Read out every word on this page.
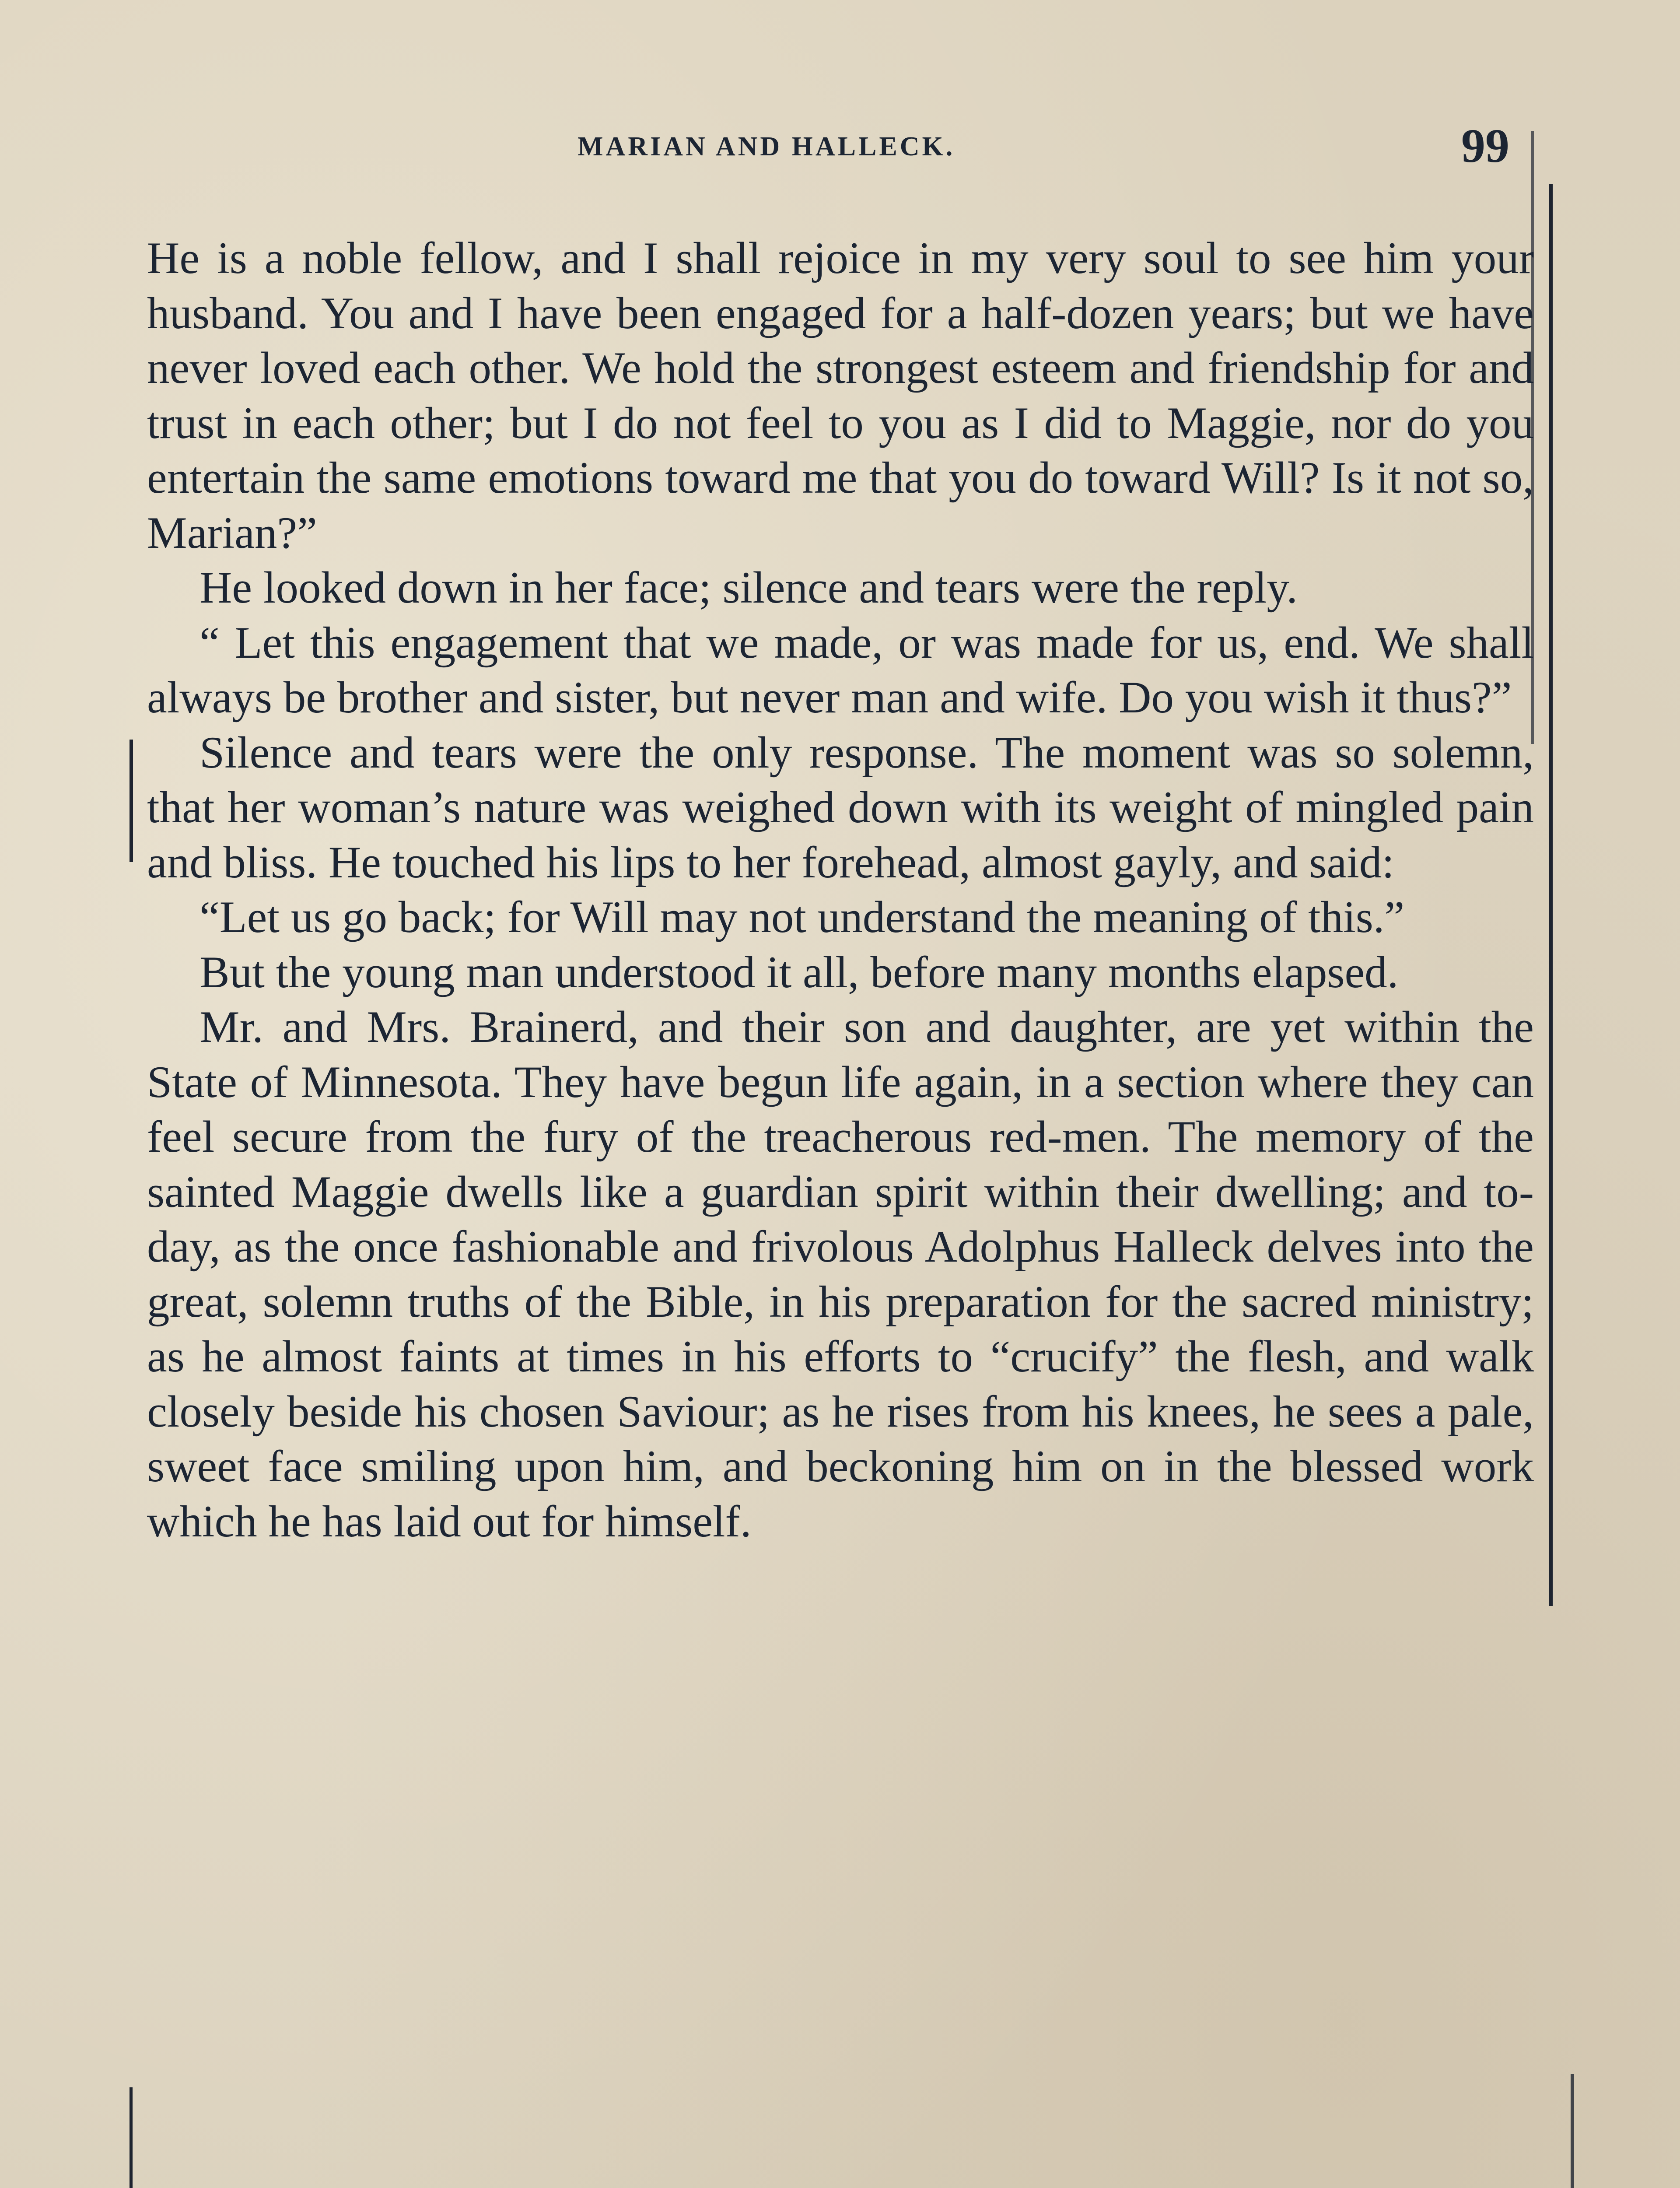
MARIAN AND HALLECK.	99

He is a noble fellow, and I shall rejoice in my very soul to see him your husband. You and I have been engaged for a half-dozen years; but we have never loved each other. We hold the strongest esteem and friendship for and trust in each other; but I do not feel to you as I did to Maggie, nor do you entertain the same emotions toward me that you do toward Will? Is it not so, Marian?”

He looked down in her face; silence and tears were the reply.

“ Let this engagement that we made, or was made for us, end. We shall always be brother and sister, but never man and wife. Do you wish it thus?”

Silence and tears were the only response. The moment was so solemn, that her woman’s nature was weighed down with its weight of mingled pain and bliss. He touched his lips to her forehead, almost gayly, and said:

“Let us go back; for Will may not understand the meaning of this.”

But the young man understood it all, before many months elapsed.

Mr. and Mrs. Brainerd, and their son and daughter, are yet within the State of Minnesota. They have begun life again, in a section where they can feel secure from the fury of the treacherous red-men. The memory of the sainted Maggie dwells like a guardian spirit within their dwelling; and to-day, as the once fashionable and frivolous Adolphus Halleck delves into the great, solemn truths of the Bible, in his preparation for the sacred ministry; as he almost faints at times in his efforts to “crucify” the flesh, and walk closely beside his chosen Saviour; as he rises from his knees, he sees a pale, sweet face smiling upon him, and beckoning him on in the blessed work which he has laid out for himself.
